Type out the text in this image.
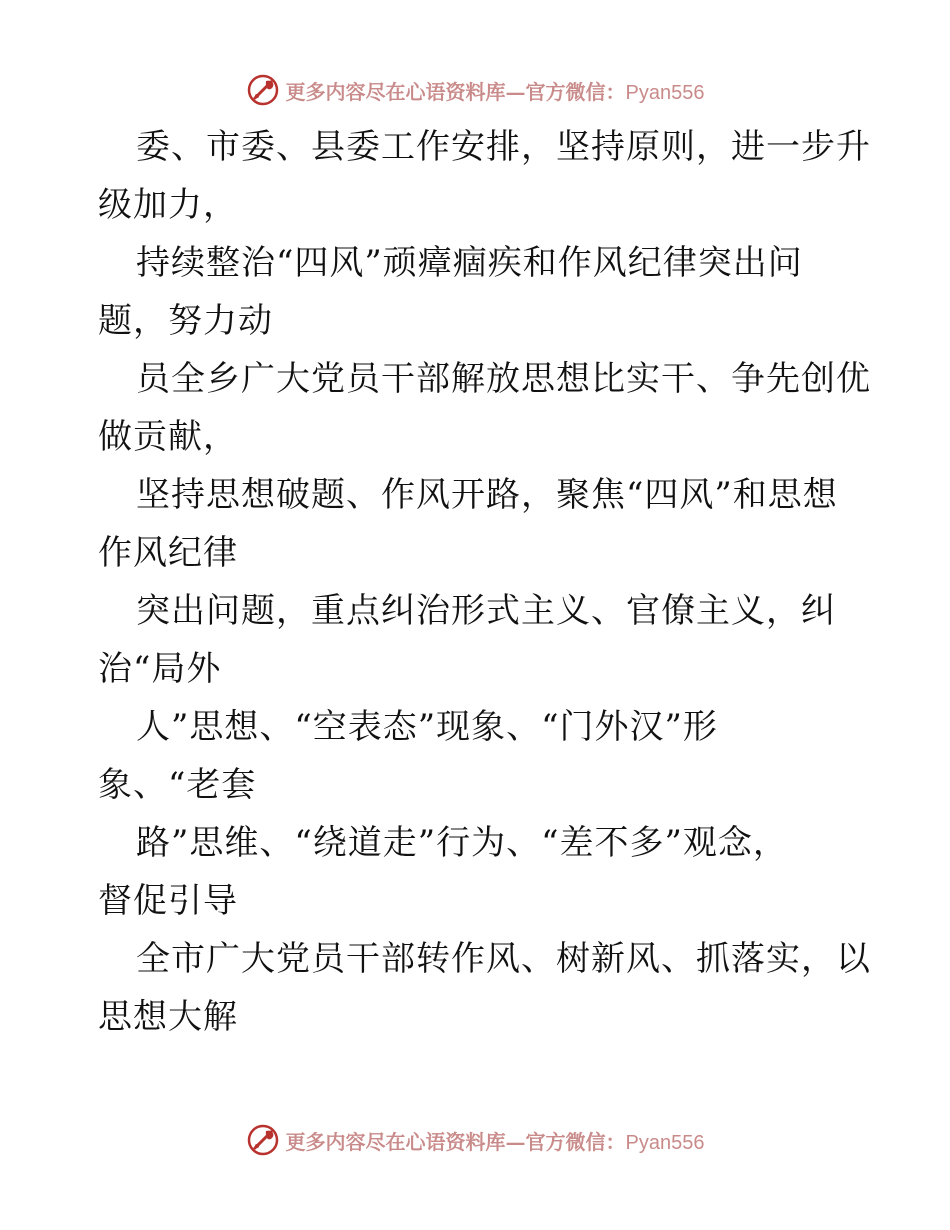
更多内容尽在心语资料库—官方微信：Pyan556
委、市委、县委工作安排，坚持原则，进一步升
级加力，
持续整治“四风”顽瘴痼疾和作风纪律突出问
题，努力动
员全乡广大党员干部解放思想比实干、争先创优
做贡献，
坚持思想破题、作风开路，聚焦“四风”和思想
作风纪律
突出问题，重点纠治形式主义、官僚主义，纠
治“局外
人”思想、“空表态”现象、“门外汉”形
象、“老套
路”思维、“绕道走”行为、“差不多”观念，
督促引导
全市广大党员干部转作风、树新风、抓落实，以
思想大解
更多内容尽在心语资料库—官方微信：Pyan556
